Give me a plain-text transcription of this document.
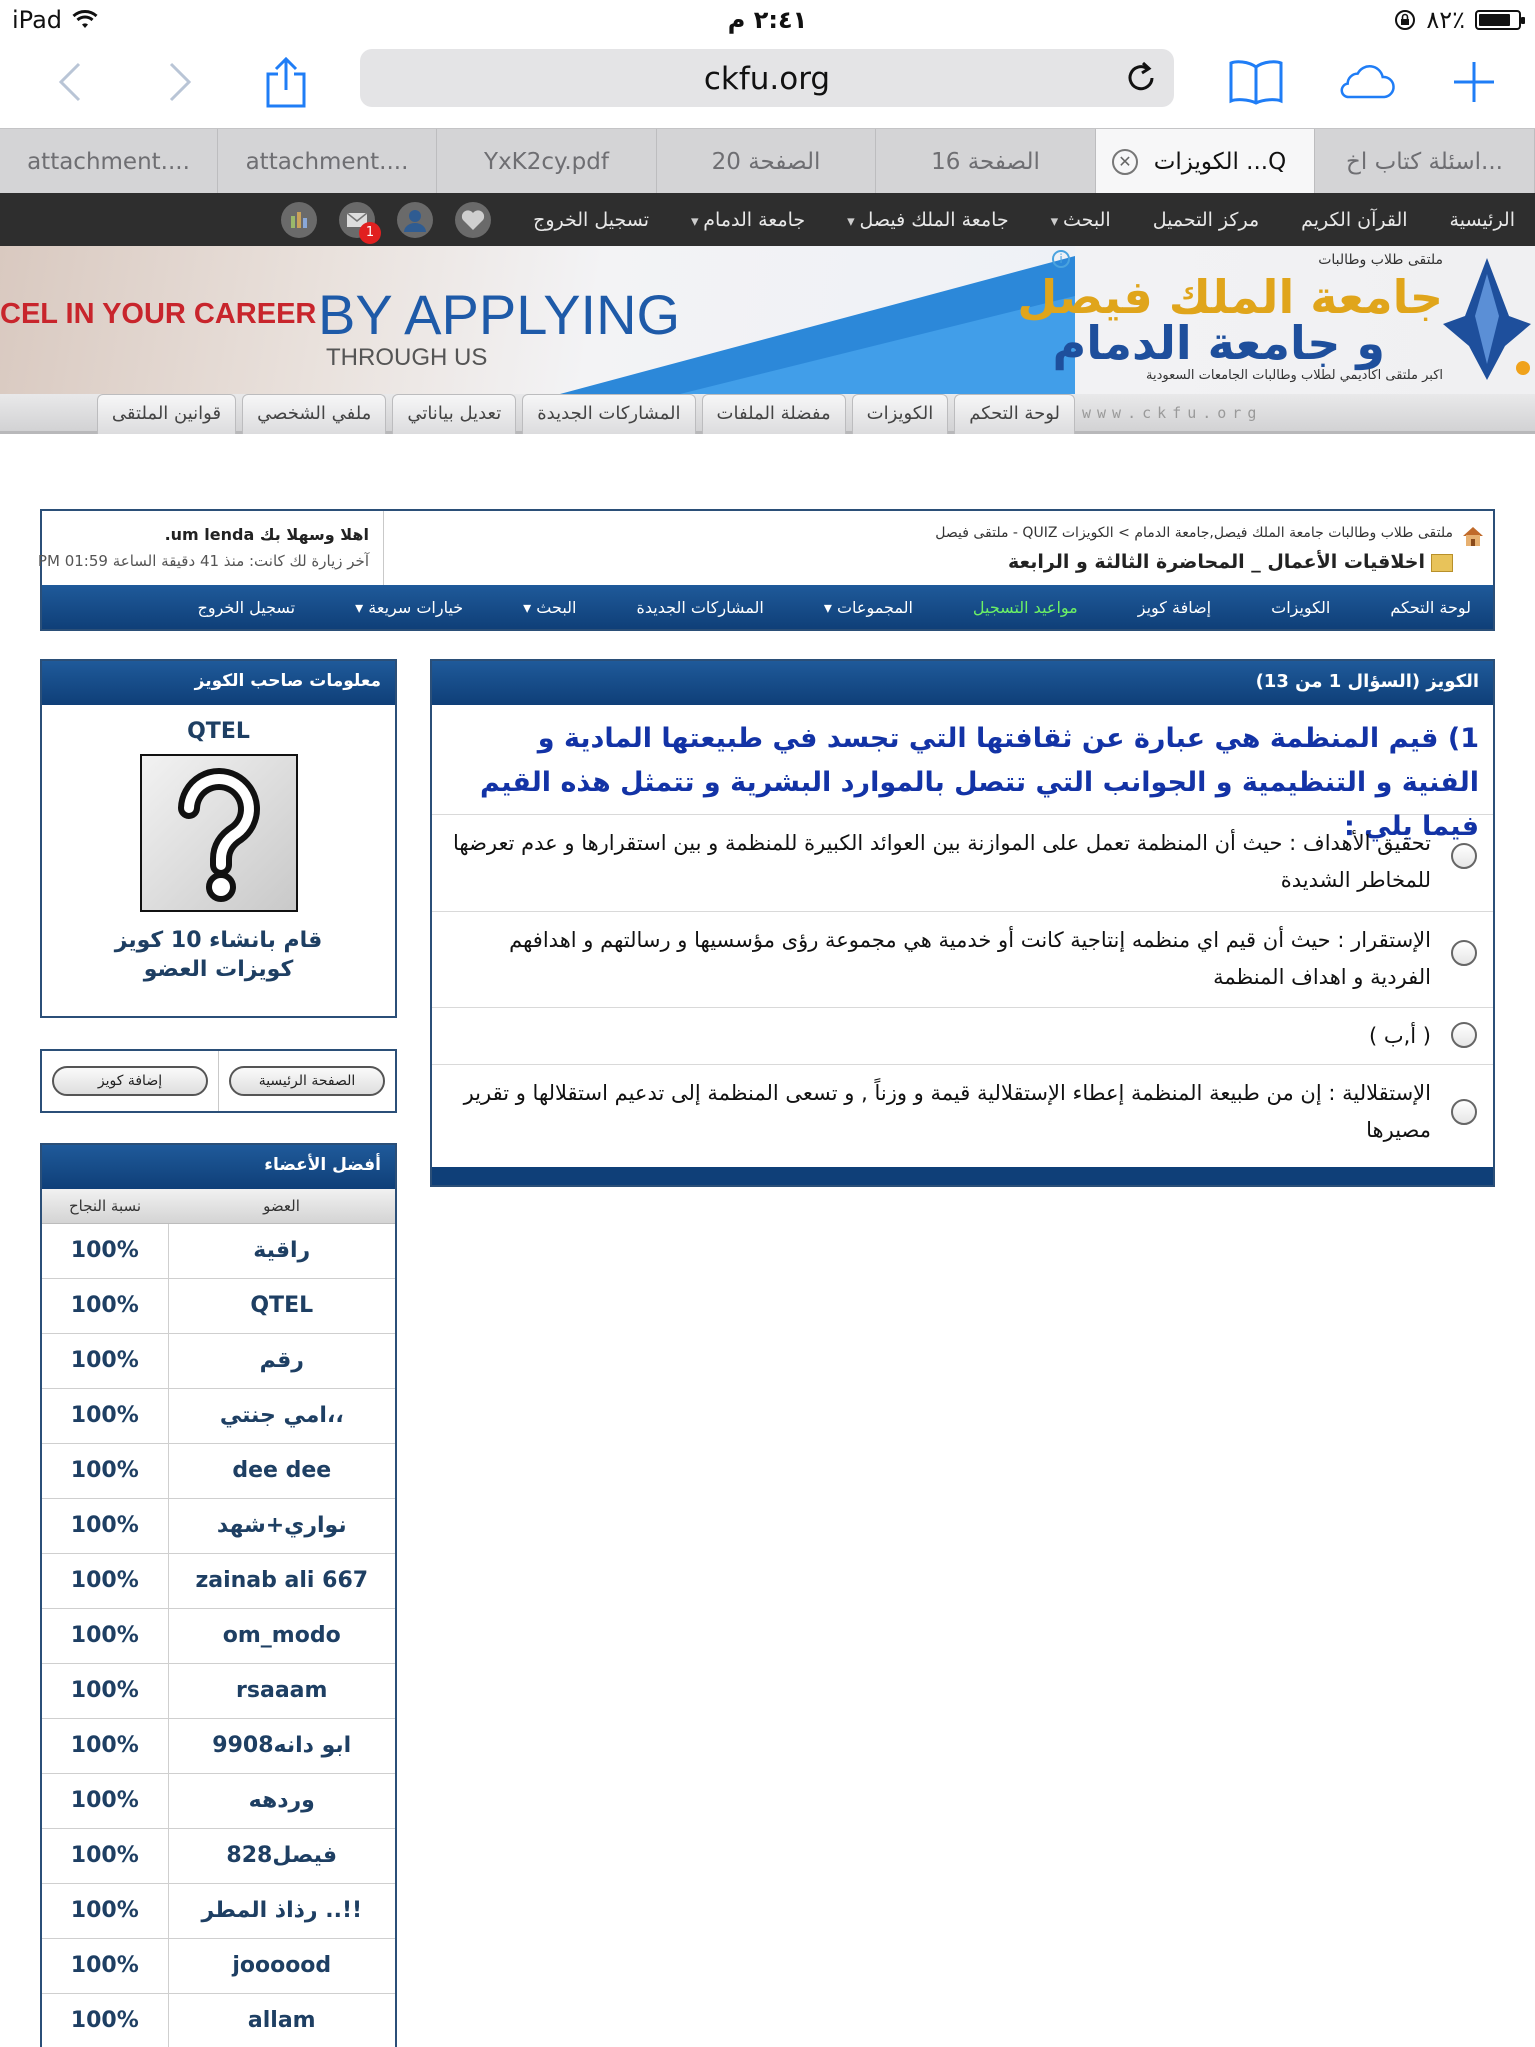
iPad	٢:٤١ م	٨٢٪
ckfu.org
attachment.... attachment....	YxK2cy.pdf	الصفحة 20	الصفحة 16	✕ الكويزات ...Q	اسئلة كتاب اخ...
الرئيسية
القرآن الكريم
مركز التحميل
البحث ▾
جامعة الملك فيصل ▾
جامعة الدمام ▾
تسجيل الخروج
1
CEL IN YOUR CAREER BY APPLYING
THROUGH US
i	ملتقى طلاب وطالبات
جامعة الملك فيصل
و جامعة الدمام
اكبر ملتقى اكاديمي لطلاب وطالبات الجامعات السعودية
www.ckfu.org
لوحة التحكم
الكويزات
مفضلة الملفات
المشاركات الجديدة
تعديل بياناتي
ملفي الشخصي
قوانين الملتقى
ملتقى طلاب وطالبات جامعة الملك فيصل,جامعة الدمام > الكويزات QUIZ - ملتقى فيصل
اخلاقيات الأعمال _ المحاضرة الثالثة و الرابعة
اهلا وسهلا بك um lenda.
آخر زيارة لك كانت: منذ 41 دقيقة الساعة 01:59 PM
لوحة التحكم
الكويزات
إضافة كويز
مواعيد التسجيل
المجموعات ▾
المشاركات الجديدة
البحث ▾
خيارات سريعة ▾
تسجيل الخروج
الكويز (السؤال 1 من 13)
1) قيم المنظمة هي عبارة عن ثقافتها التي تجسد في طبيعتها المادية و الفنية و التنظيمية و الجوانب التي تتصل بالموارد البشرية و تتمثل هذه القيم فيما يلي :
تحقيق الأهداف : حيث أن المنظمة تعمل على الموازنة بين العوائد الكبيرة للمنظمة و بين استقرارها و عدم تعرضها للمخاطر الشديدة
الإستقرار : حيث أن قيم اي منظمه إنتاجية كانت أو خدمية هي مجموعة رؤى مؤسسيها و رسالتهم و اهدافهم الفردية و اهداف المنظمة
( أ,ب )
الإستقلالية : إن من طبيعة المنظمة إعطاء الإستقلالية قيمة و وزناً , و تسعى المنظمة إلى تدعيم استقلالها و تقرير مصيرها
معلومات صاحب الكويز
QTEL
قام بانشاء 10 كويز
كويزات العضو
إضافة كويز	الصفحة الرئيسية
أفضل الأعضاء
نسبة النجاح	العضو
100%	راقية
100%	QTEL
100%	رقم
100%	امي جنتي،،
100%	dee dee
100%	نواري+شهد
100%	zainab ali 667
100%	om_modo
100%	rsaaam
100%	ابو دانه9908
100%	وردهه
100%	فيصل828
100%	رذاذ المطر ..!!
100%	joooood
100%	allam
